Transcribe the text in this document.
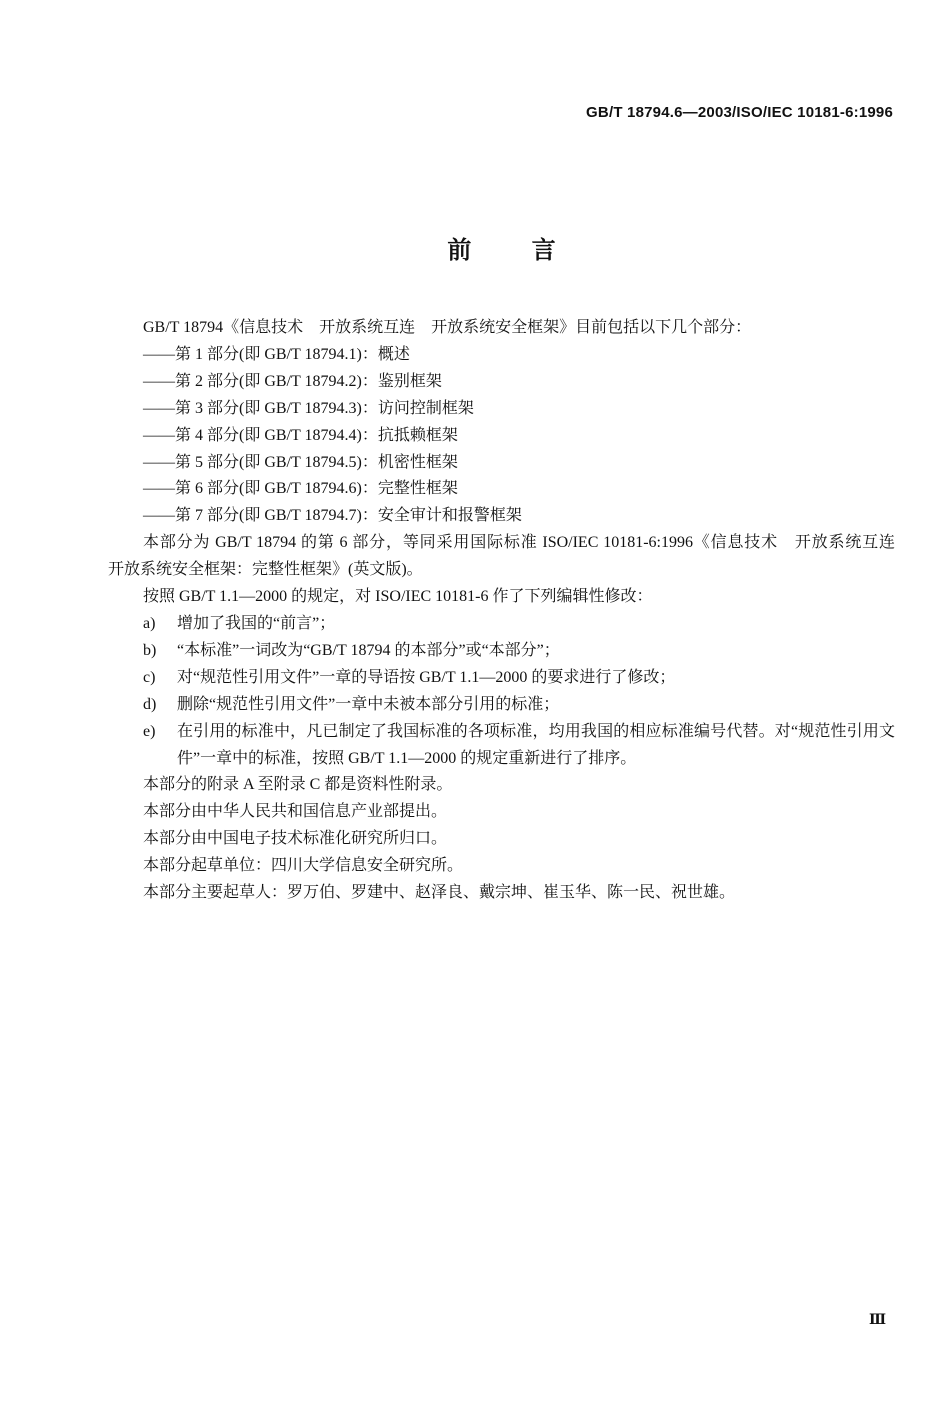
GB/T 18794.6—2003/ISO/IEC 10181-6:1996
前 言

GB/T 18794《信息技术　开放系统互连　开放系统安全框架》目前包括以下几个部分：

——第 1 部分(即 GB/T 18794.1)：概述
——第 2 部分(即 GB/T 18794.2)：鉴别框架
——第 3 部分(即 GB/T 18794.3)：访问控制框架
——第 4 部分(即 GB/T 18794.4)：抗抵赖框架
——第 5 部分(即 GB/T 18794.5)：机密性框架
——第 6 部分(即 GB/T 18794.6)：完整性框架
——第 7 部分(即 GB/T 18794.7)：安全审计和报警框架

本部分为 GB/T 18794 的第 6 部分，等同采用国际标准 ISO/IEC 10181-6:1996《信息技术　开放系统互连　开放系统安全框架：完整性框架》(英文版)。

按照 GB/T 1.1—2000 的规定，对 ISO/IEC 10181-6 作了下列编辑性修改：

a) 增加了我国的“前言”；
b) “本标准”一词改为“GB/T 18794 的本部分”或“本部分”；
c) 对“规范性引用文件”一章的导语按 GB/T 1.1—2000 的要求进行了修改；
d) 删除“规范性引用文件”一章中未被本部分引用的标准；
e) 在引用的标准中，凡已制定了我国标准的各项标准，均用我国的相应标准编号代替。对“规范性引用文件”一章中的标准，按照 GB/T 1.1—2000 的规定重新进行了排序。

本部分的附录 A 至附录 C 都是资料性附录。

本部分由中华人民共和国信息产业部提出。

本部分由中国电子技术标准化研究所归口。

本部分起草单位：四川大学信息安全研究所。

本部分主要起草人：罗万伯、罗建中、赵泽良、戴宗坤、崔玉华、陈一民、祝世雄。

Ⅲ
